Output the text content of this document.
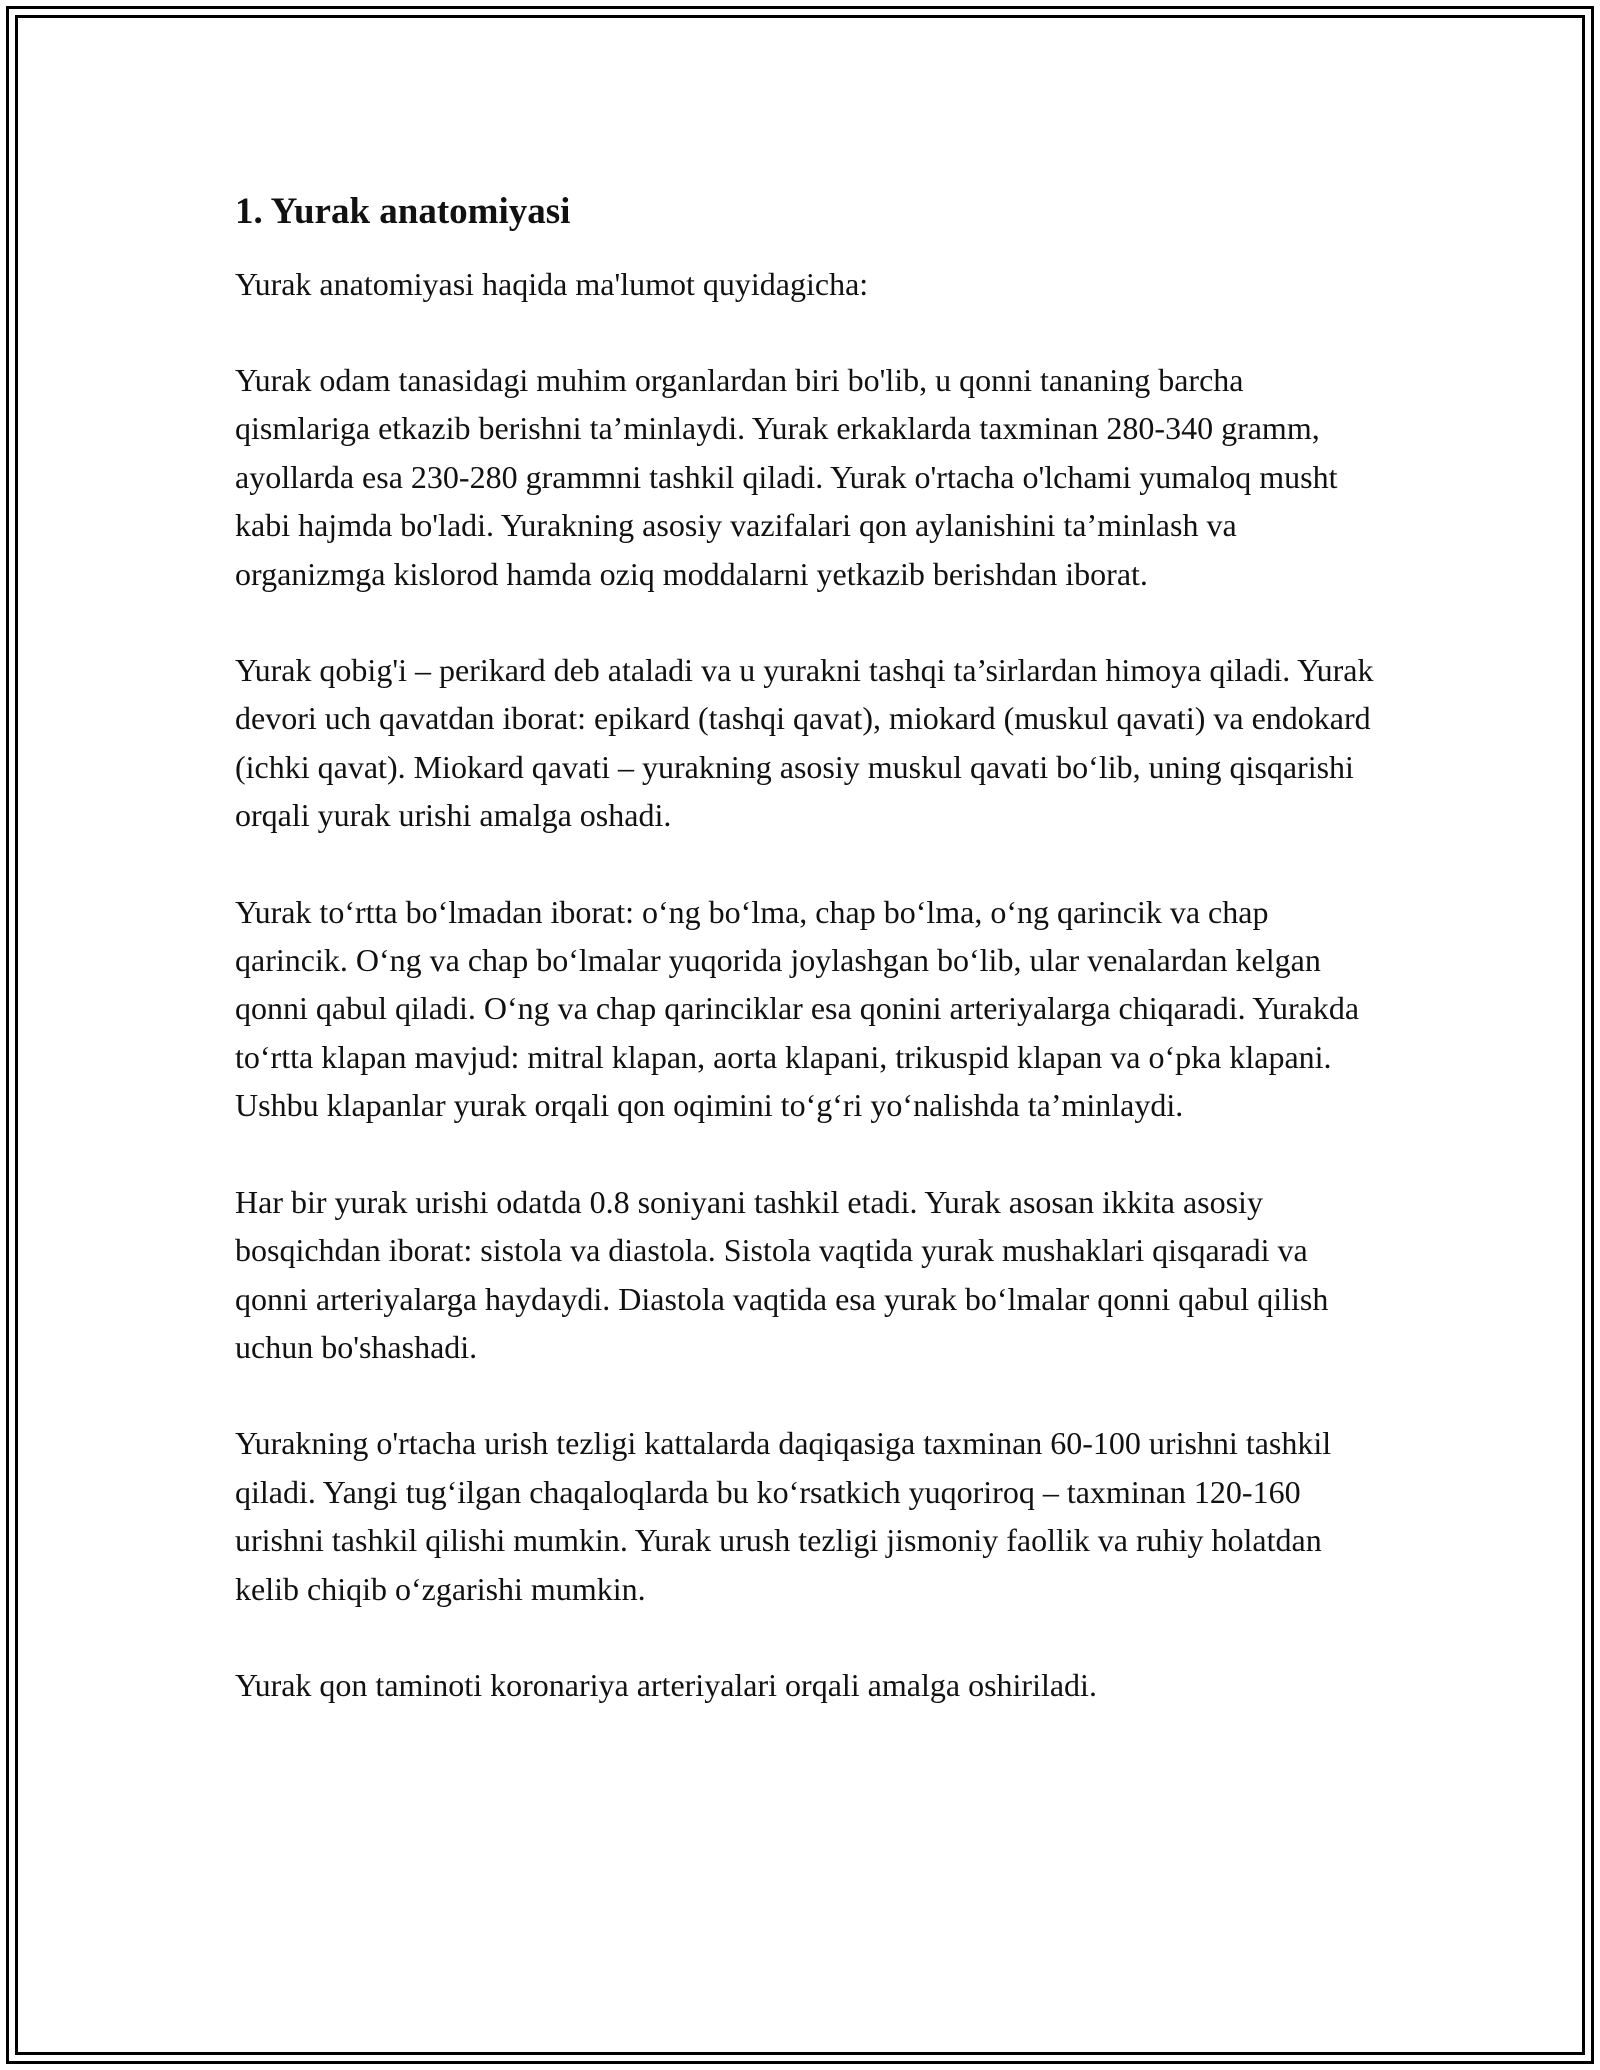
1. Yurak anatomiyasi

Yurak anatomiyasi haqida ma'lumot quyidagicha:

Yurak odam tanasidagi muhim organlardan biri bo'lib, u qonni tananing barcha qismlariga etkazib berishni ta’minlaydi. Yurak erkaklarda taxminan 280-340 gramm, ayollarda esa 230-280 grammni tashkil qiladi. Yurak o'rtacha o'lchami yumaloq musht kabi hajmda bo'ladi. Yurakning asosiy vazifalari qon aylanishini ta’minlash va organizmga kislorod hamda oziq moddalarni yetkazib berishdan iborat.

Yurak qobig'i – perikard deb ataladi va u yurakni tashqi ta’sirlardan himoya qiladi. Yurak devori uch qavatdan iborat: epikard (tashqi qavat), miokard (muskul qavati) va endokard (ichki qavat). Miokard qavati – yurakning asosiy muskul qavati bo‘lib, uning qisqarishi orqali yurak urishi amalga oshadi.

Yurak to‘rtta bo‘lmadan iborat: o‘ng bo‘lma, chap bo‘lma, o‘ng qarincik va chap qarincik. O‘ng va chap bo‘lmalar yuqorida joylashgan bo‘lib, ular venalardan kelgan qonni qabul qiladi. O‘ng va chap qarinciklar esa qonini arteriyalarga chiqaradi. Yurakda to‘rtta klapan mavjud: mitral klapan, aorta klapani, trikuspid klapan va o‘pka klapani. Ushbu klapanlar yurak orqali qon oqimini to‘g‘ri yo‘nalishda ta’minlaydi.

Har bir yurak urishi odatda 0.8 soniyani tashkil etadi. Yurak asosan ikkita asosiy bosqichdan iborat: sistola va diastola. Sistola vaqtida yurak mushaklari qisqaradi va qonni arteriyalarga haydaydi. Diastola vaqtida esa yurak bo‘lmalar qonni qabul qilish uchun bo'shashadi.

Yurakning o'rtacha urish tezligi kattalarda daqiqasiga taxminan 60-100 urishni tashkil qiladi. Yangi tug‘ilgan chaqaloqlarda bu ko‘rsatkich yuqoriroq – taxminan 120-160 urishni tashkil qilishi mumkin. Yurak urush tezligi jismoniy faollik va ruhiy holatdan kelib chiqib o‘zgarishi mumkin.

Yurak qon taminoti koronariya arteriyalari orqali amalga oshiriladi.
